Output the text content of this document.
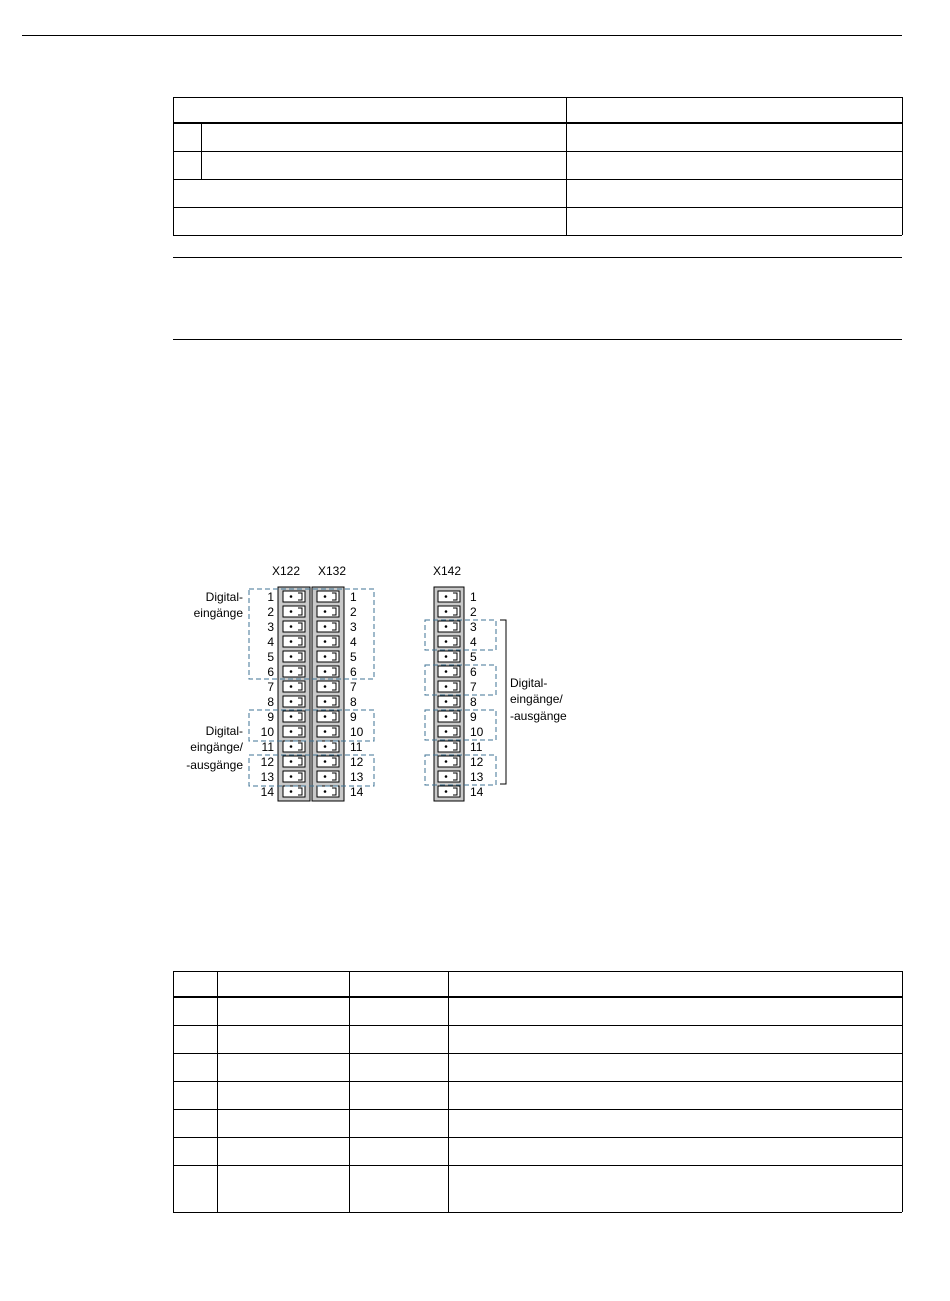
X122 X132	X142
1
2
3
4
5
6
7
8
9
10
11
12
13
14
1
2
3
4
5
6
7
8
9
10
11
12
13
14
1
2
3
4
5
6
7
8
9
10
11
12
13
14
Digital-
eingänge
Digital-
eingänge/
-ausgänge
Digital-
eingänge/
-ausgänge
